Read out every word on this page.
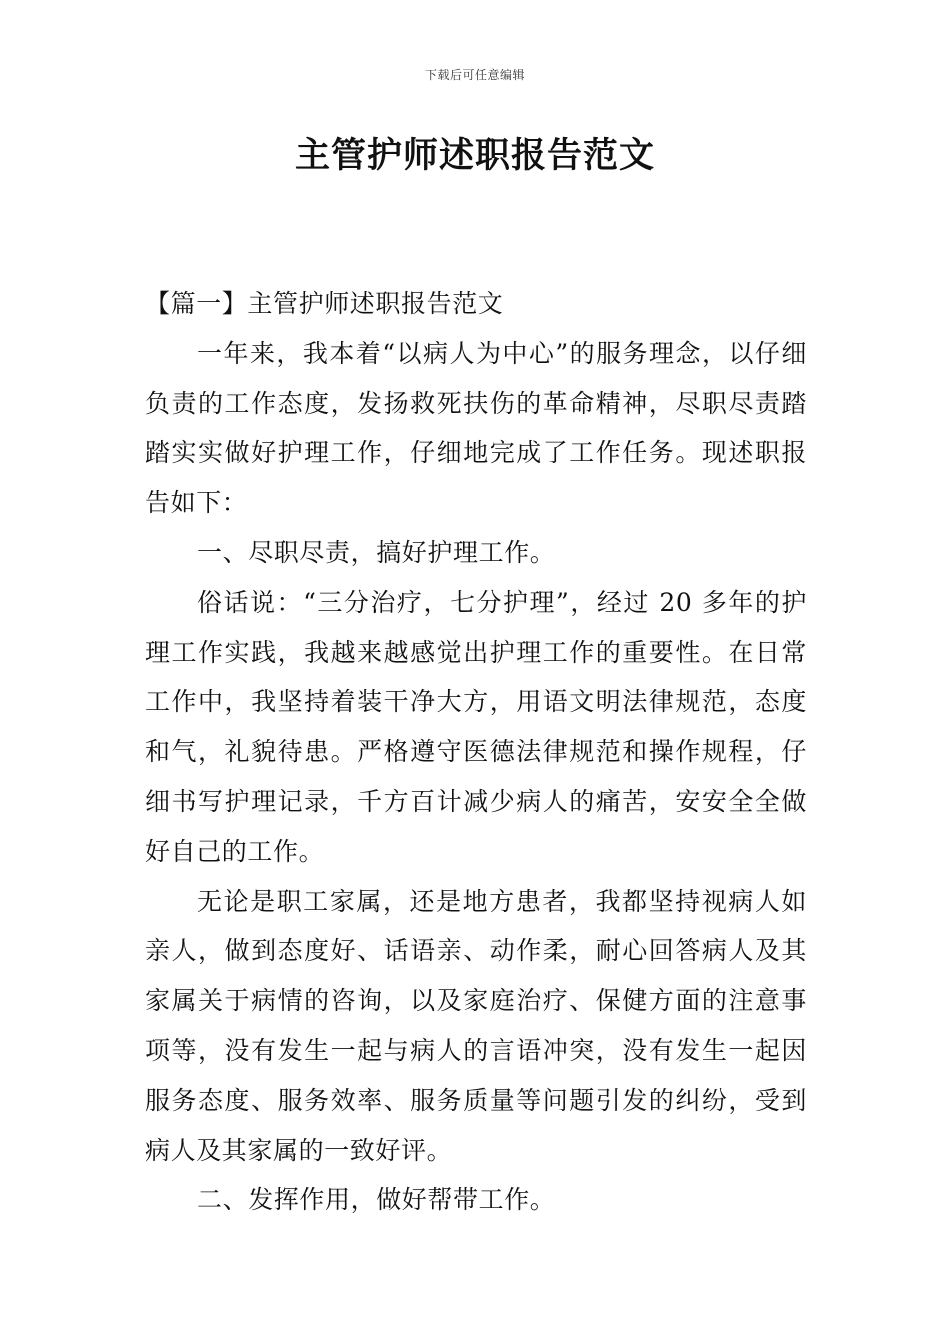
下载后可任意编辑
主管护师述职报告范文

【篇一】主管护师述职报告范文

一年来，我本着“以病人为中心”的服务理念，以仔细负责的工作态度，发扬救死扶伤的革命精神，尽职尽责踏踏实实做好护理工作，仔细地完成了工作任务。现述职报告如下：

一、尽职尽责，搞好护理工作。

俗话说：“三分治疗，七分护理”，经过 20 多年的护理工作实践，我越来越感觉出护理工作的重要性。在日常工作中，我坚持着装干净大方，用语文明法律规范，态度和气，礼貌待患。严格遵守医德法律规范和操作规程，仔细书写护理记录，千方百计减少病人的痛苦，安安全全做好自己的工作。

无论是职工家属，还是地方患者，我都坚持视病人如亲人，做到态度好、话语亲、动作柔，耐心回答病人及其家属关于病情的咨询，以及家庭治疗、保健方面的注意事项等，没有发生一起与病人的言语冲突，没有发生一起因服务态度、服务效率、服务质量等问题引发的纠纷，受到病人及其家属的一致好评。

二、发挥作用，做好帮带工作。
